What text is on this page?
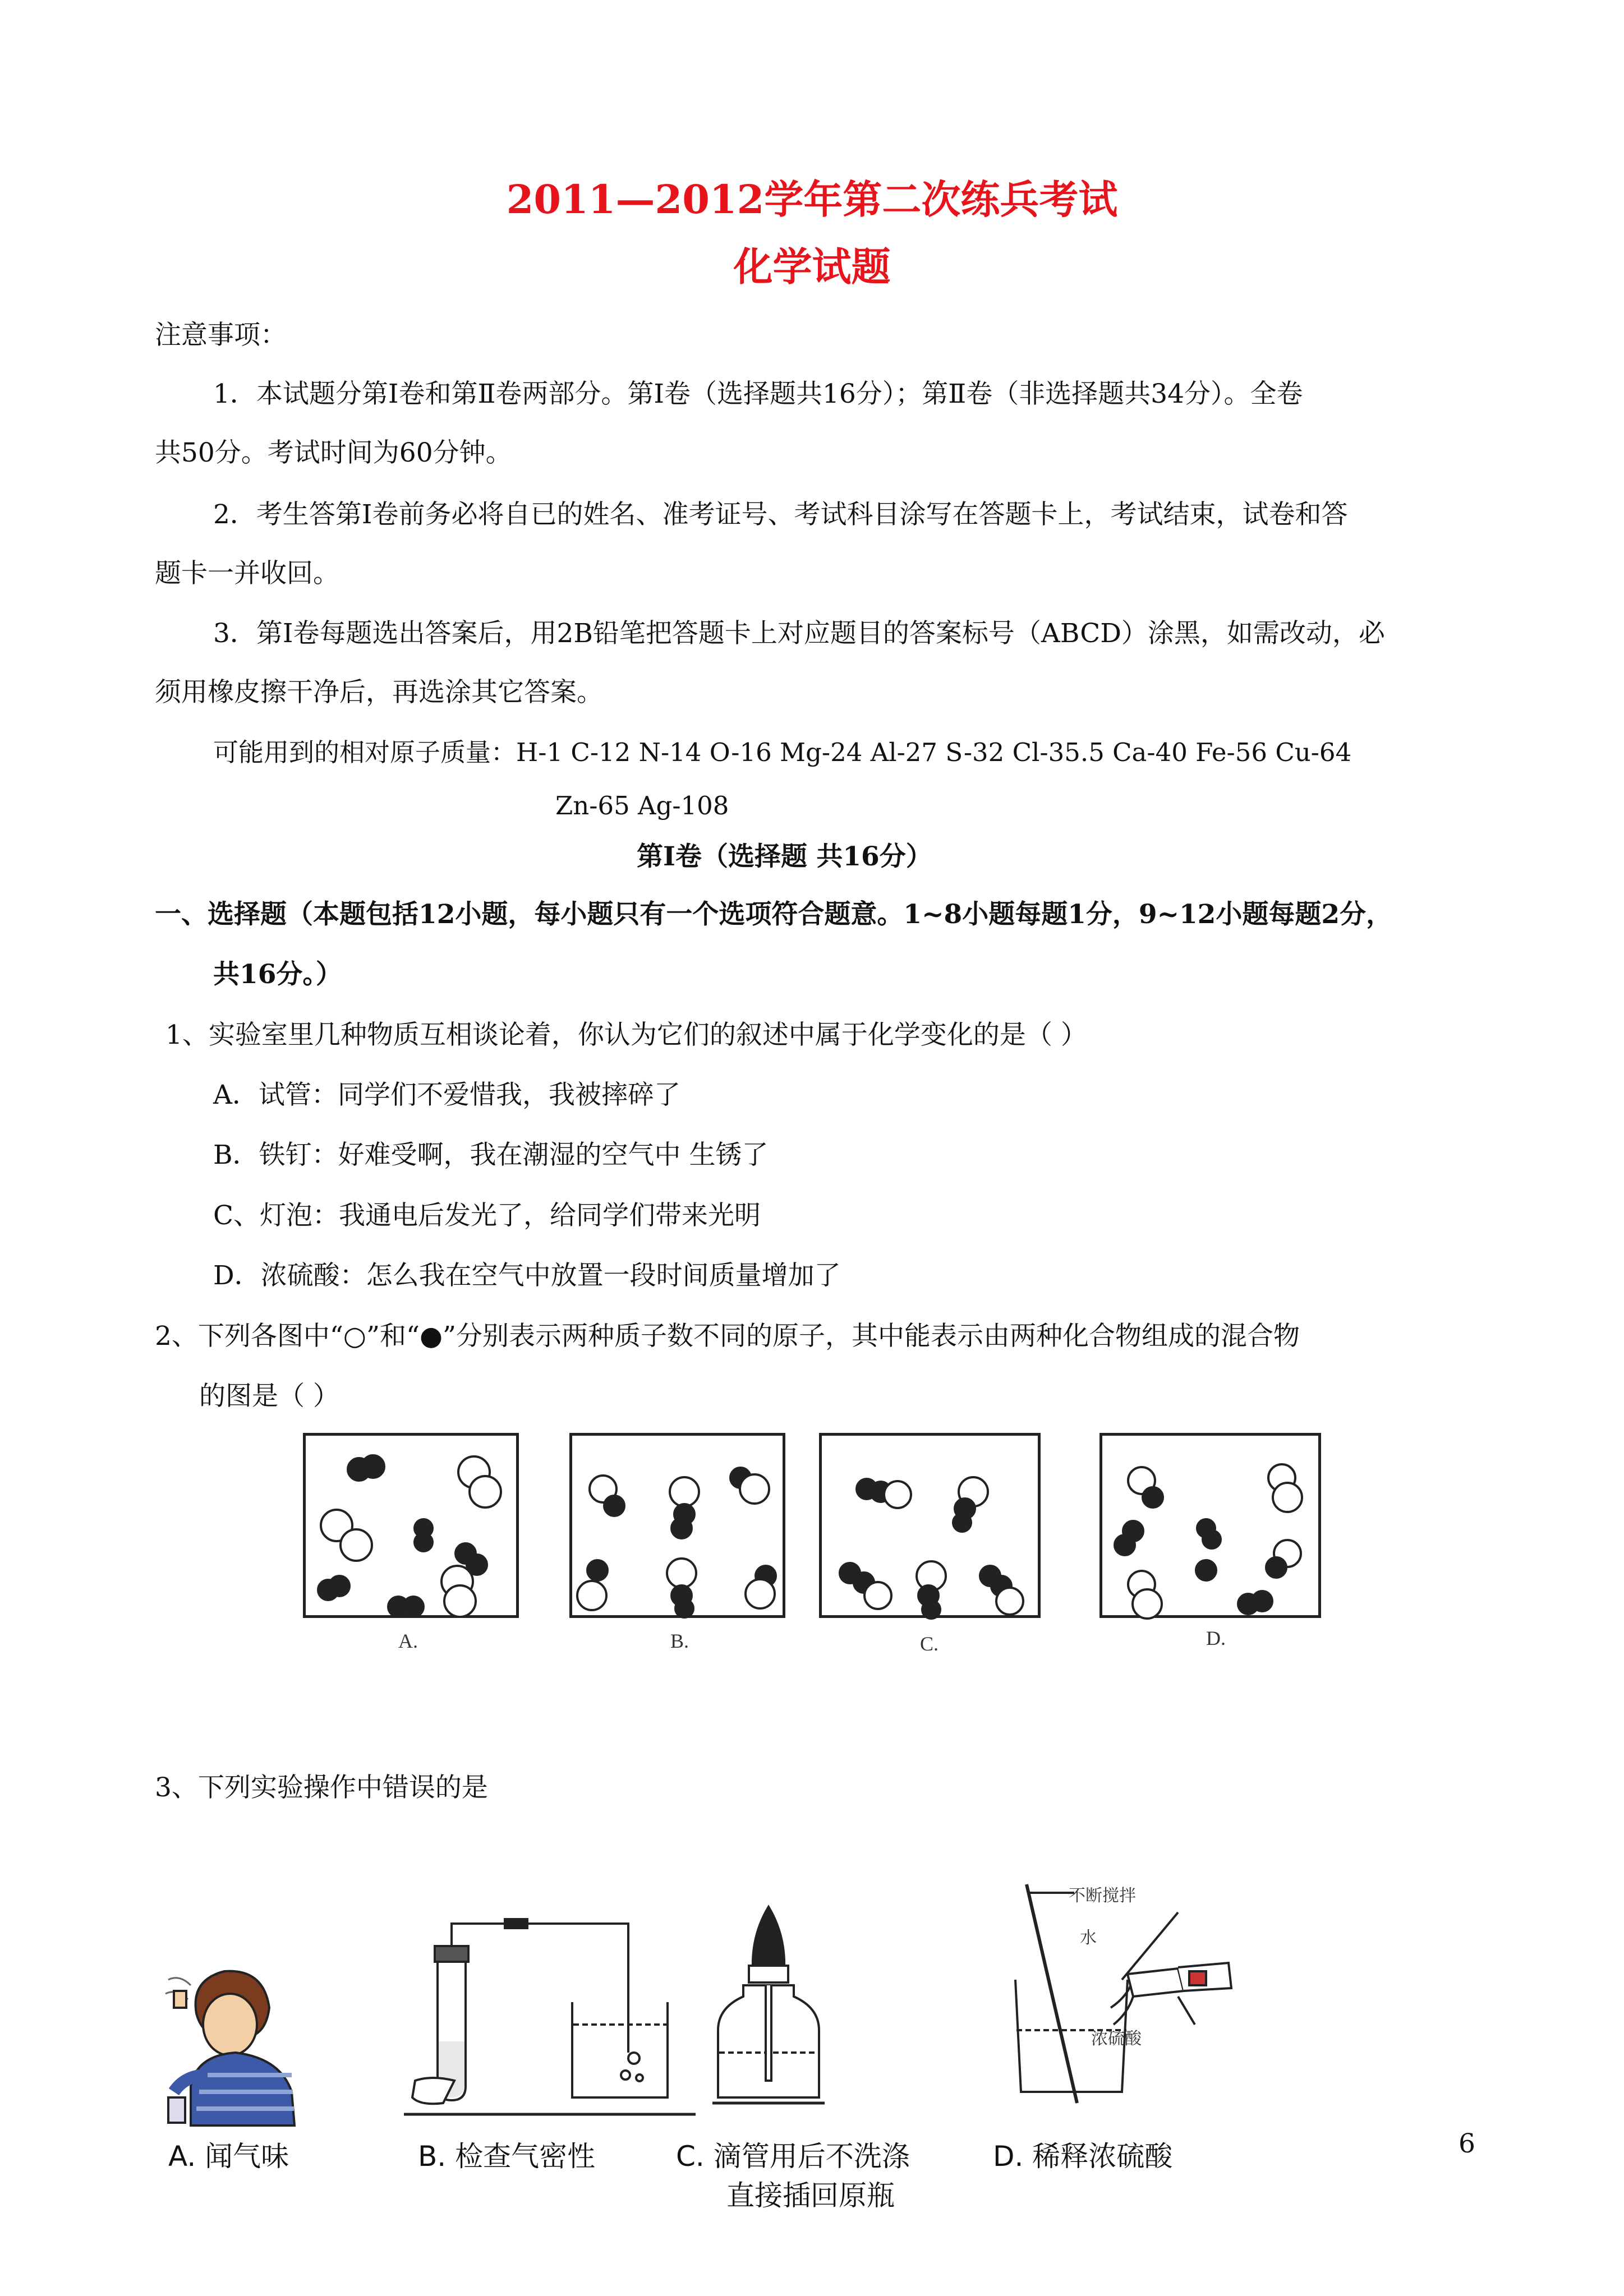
2011—2012学年第二次练兵考试
化学试题
注意事项：
1．本试题分第Ⅰ卷和第Ⅱ卷两部分。第Ⅰ卷（选择题共16分）；第Ⅱ卷（非选择题共34分）。全卷
共50分。考试时间为60分钟。
2．考生答第Ⅰ卷前务必将自已的姓名、准考证号、考试科目涂写在答题卡上，考试结束，试卷和答
题卡一并收回。
3．第Ⅰ卷每题选出答案后，用2B铅笔把答题卡上对应题目的答案标号（ABCD）涂黑，如需改动，必
须用橡皮擦干净后，再选涂其它答案。
可能用到的相对原子质量：H-1 C-12 N-14 O-16 Mg-24 Al-27 S-32 Cl-35.5 Ca-40 Fe-56 Cu-64
Zn-65 Ag-108
第Ⅰ卷（选择题 共16分）
一、选择题（本题包括12小题，每小题只有一个选项符合题意。1~8小题每题1分，9~12小题每题2分，
共16分。）
1、实验室里几种物质互相谈论着，你认为它们的叙述中属于化学变化的是（ ）
A．试管：同学们不爱惜我，我被摔碎了
B．铁钉：好难受啊，我在潮湿的空气中 生锈了
C、灯泡：我通电后发光了，给同学们带来光明
D．浓硫酸：怎么我在空气中放置一段时间质量增加了
2、下列各图中“○”和“●”分别表示两种质子数不同的原子，其中能表示由两种化合物组成的混合物
的图是（ ）
A.	B.	C.	D.
3、下列实验操作中错误的是
不断搅拌
水
浓硫酸
A. 闻气味	B. 检查气密性	C. 滴管用后不洗涤
直接插回原瓶
D. 稀释浓硫酸	6
